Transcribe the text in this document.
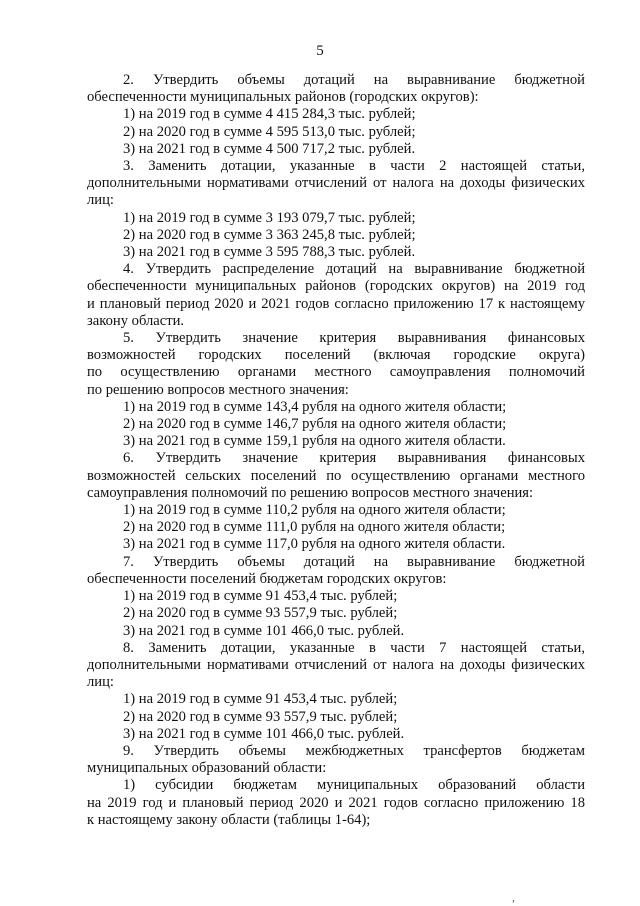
5
2. Утвердить объемы дотаций на выравнивание бюджетной
обеспеченности муниципальных районов (городских округов):
1) на 2019 год в сумме 4 415 284,3 тыс. рублей;
2) на 2020 год в сумме 4 595 513,0 тыс. рублей;
3) на 2021 год в сумме 4 500 717,2 тыс. рублей.
3. Заменить дотации, указанные в части 2 настоящей статьи,
дополнительными нормативами отчислений от налога на доходы физических
лиц:
1) на 2019 год в сумме 3 193 079,7 тыс. рублей;
2) на 2020 год в сумме 3 363 245,8 тыс. рублей;
3) на 2021 год в сумме 3 595 788,3 тыс. рублей.
4. Утвердить распределение дотаций на выравнивание бюджетной
обеспеченности муниципальных районов (городских округов) на 2019 год
и плановый период 2020 и 2021 годов согласно приложению 17 к настоящему
закону области.
5. Утвердить значение критерия выравнивания финансовых
возможностей городских поселений (включая городские округа)
по осуществлению органами местного самоуправления полномочий
по решению вопросов местного значения:
1) на 2019 год в сумме 143,4 рубля на одного жителя области;
2) на 2020 год в сумме 146,7 рубля на одного жителя области;
3) на 2021 год в сумме 159,1 рубля на одного жителя области.
6. Утвердить значение критерия выравнивания финансовых
возможностей сельских поселений по осуществлению органами местного
самоуправления полномочий по решению вопросов местного значения:
1) на 2019 год в сумме 110,2 рубля на одного жителя области;
2) на 2020 год в сумме 111,0 рубля на одного жителя области;
3) на 2021 год в сумме 117,0 рубля на одного жителя области.
7. Утвердить объемы дотаций на выравнивание бюджетной
обеспеченности поселений бюджетам городских округов:
1) на 2019 год в сумме 91 453,4 тыс. рублей;
2) на 2020 год в сумме 93 557,9 тыс. рублей;
3) на 2021 год в сумме 101 466,0 тыс. рублей.
8. Заменить дотации, указанные в части 7 настоящей статьи,
дополнительными нормативами отчислений от налога на доходы физических
лиц:
1) на 2019 год в сумме 91 453,4 тыс. рублей;
2) на 2020 год в сумме 93 557,9 тыс. рублей;
3) на 2021 год в сумме 101 466,0 тыс. рублей.
9. Утвердить объемы межбюджетных трансфертов бюджетам
муниципальных образований области:
1) субсидии бюджетам муниципальных образований области
на 2019 год и плановый период 2020 и 2021 годов согласно приложению 18
к настоящему закону области (таблицы 1-64);
,
